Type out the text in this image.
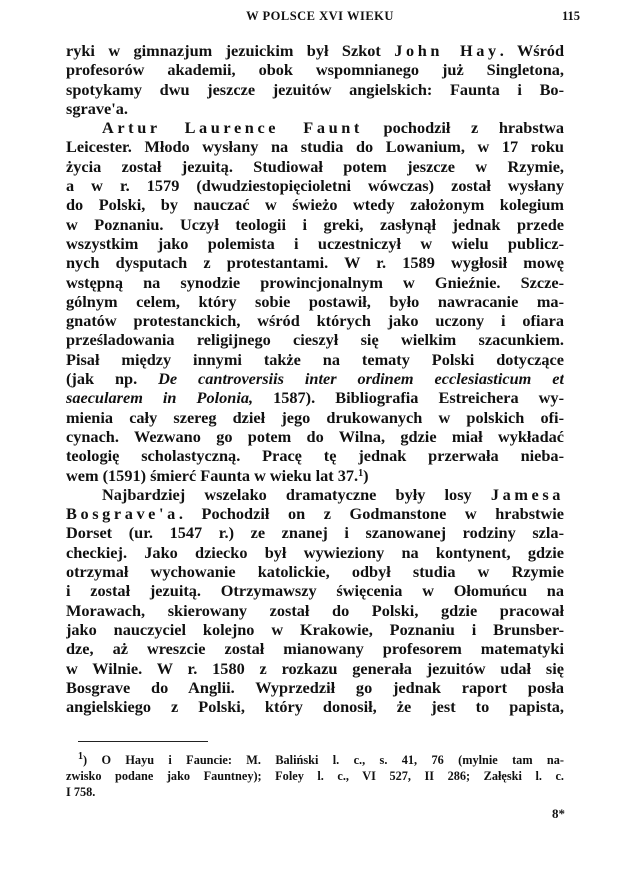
W POLSCE XVI WIEKU	115
ryki w gimnazjum jezuickim był Szkot John Hay. Wśród
profesorów akademii, obok wspomnianego już Singletona,
spotykamy dwu jeszcze jezuitów angielskich: Faunta i Bo-
sgrave'a.
Artur Laurence Faunt pochodził z hrabstwa
Leicester. Młodo wysłany na studia do Lowanium, w 17 roku
życia został jezuitą. Studiował potem jeszcze w Rzymie,
a w r. 1579 (dwudziestopięcioletni wówczas) został wysłany
do Polski, by nauczać w świeżo wtedy założonym kolegium
w Poznaniu. Uczył teologii i greki, zasłynął jednak przede
wszystkim jako polemista i uczestniczył w wielu publicz-
nych dysputach z protestantami. W r. 1589 wygłosił mowę
wstępną na synodzie prowincjonalnym w Gnieźnie. Szcze-
gólnym celem, który sobie postawił, było nawracanie ma-
gnatów protestanckich, wśród których jako uczony i ofiara
prześladowania religijnego cieszył się wielkim szacunkiem.
Pisał między innymi także na tematy Polski dotyczące
(jak np. De cantroversiis inter ordinem ecclesiasticum et
saecularem in Polonia, 1587). Bibliografia Estreichera wy-
mienia cały szereg dzieł jego drukowanych w polskich ofi-
cynach. Wezwano go potem do Wilna, gdzie miał wykładać
teologię scholastyczną. Pracę tę jednak przerwała nieba-
wem (1591) śmierć Faunta w wieku lat 37.$^1$)
Najbardziej wszelako dramatyczne były losy Jamesa
Bosgrave'a. Pochodził on z Godmanstone w hrabstwie
Dorset (ur. 1547 r.) ze znanej i szanowanej rodziny szla-
checkiej. Jako dziecko był wywieziony na kontynent, gdzie
otrzymał wychowanie katolickie, odbył studia w Rzymie
i został jezuitą. Otrzymawszy święcenia w Ołomuńcu na
Morawach, skierowany został do Polski, gdzie pracował
jako nauczyciel kolejno w Krakowie, Poznaniu i Brunsber-
dze, aż wreszcie został mianowany profesorem matematyki
w Wilnie. W r. 1580 z rozkazu generała jezuitów udał się
Bosgrave do Anglii. Wyprzedził go jednak raport posła
angielskiego z Polski, który donosił, że jest to papista,
$^1$) O Hayu i Fauncie: M. Baliński l. c., s. 41, 76 (mylnie tam na-
zwisko podane jako Fauntney); Foley l. c., VI 527, II 286; Załęski l. c.
I 758.
8*
